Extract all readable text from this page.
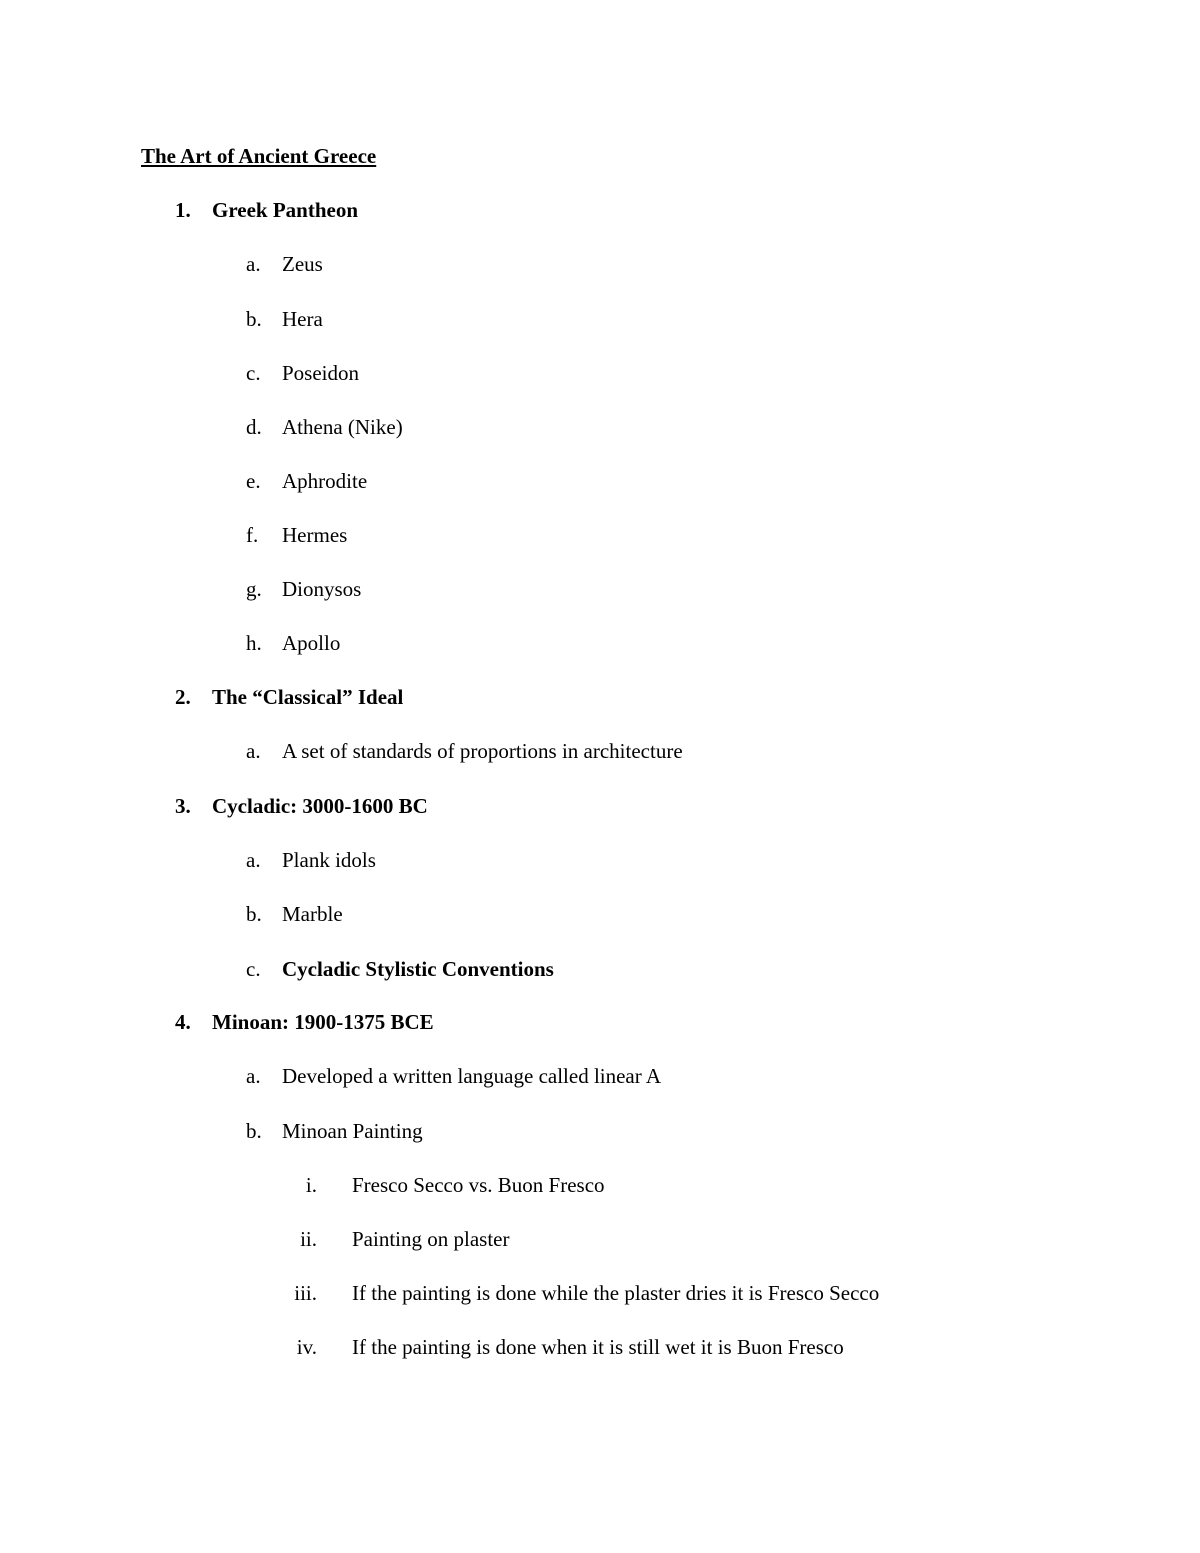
The Art of Ancient Greece
1. Greek Pantheon
a. Zeus
b. Hera
c. Poseidon
d. Athena (Nike)
e. Aphrodite
f. Hermes
g. Dionysos
h. Apollo
2. The “Classical” Ideal
a. A set of standards of proportions in architecture
3. Cycladic: 3000-1600 BC
a. Plank idols
b. Marble
c. Cycladic Stylistic Conventions
4. Minoan: 1900-1375 BCE
a. Developed a written language called linear A
b. Minoan Painting
i. Fresco Secco vs. Buon Fresco
ii. Painting on plaster
iii. If the painting is done while the plaster dries it is Fresco Secco
iv. If the painting is done when it is still wet it is Buon Fresco
